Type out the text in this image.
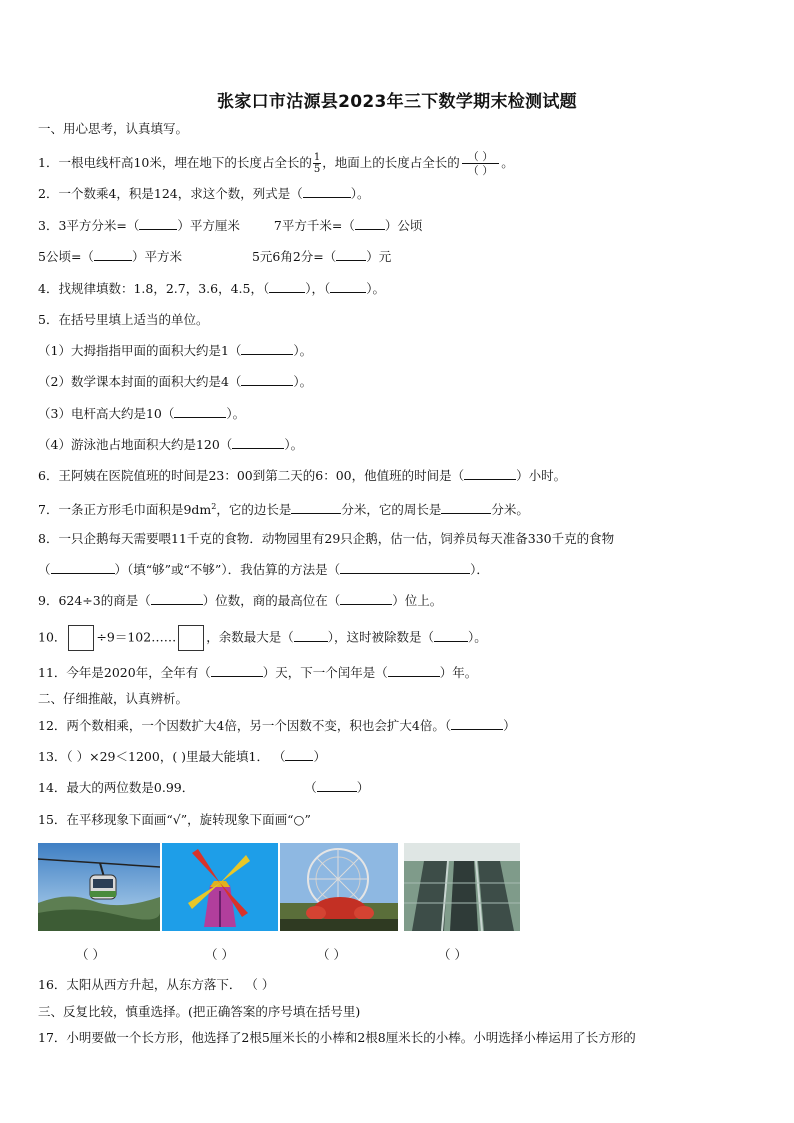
张家口市沽源县2023年三下数学期末检测试题
一、用心思考，认真填写。
1．一根电线杆高10米，埋在地下的长度占全长的 $\frac{1}{5}$ ，地面上的长度占全长的 $\frac{( )}{( )}$ 。
2．一个数乘4，积是124，求这个数，列式是（	）。
3．3平方分米=（	）平方厘米	7平方千米=（ ）公顷
5公顷=（	）平方米	5元6角2分=（ ）元
4．找规律填数：1.8，2.7，3.6，4.5，（	），（	）。
5．在括号里填上适当的单位。
（1）大拇指指甲面的面积大约是1（	）。
（2）数学课本封面的面积大约是4（	）。
（3）电杆高大约是10（	）。
（4）游泳池占地面积大约是120（	）。
6．王阿姨在医院值班的时间是23：00到第二天的6：00，他值班的时间是（	）小时。
7．一条正方形毛巾面积是$9dm^2$，它的边长是	分米，它的周长是	分米。
8．一只企鹅每天需要喂11千克的食物．动物园里有29只企鹅，估一估，饲养员每天准备330千克的食物
（	）（填“够”或“不够”）．我估算的方法是（	）．
9．624÷3的商是（	）位数，商的最高位在（	）位上。
10． ÷9＝102…… ，余数最大是（	），这时被除数是（	）。
11．今年是2020年，全年有（	）天，下一个闰年是（	）年。
二、仔细推敲，认真辨析。
12．两个数相乘，一个因数扩大4倍，另一个因数不变，积也会扩大4倍。（	）
13．（ ）×29＜1200，( )里最大能填1． （ ）
14．最大的两位数是0.99．	（	）
15．在平移现象下面画“√”，旋转现象下面画“○”
（ ）	（ ）	（ ）	（ ）
16．太阳从西方升起，从东方落下． （ ）
三、反复比较，慎重选择。(把正确答案的序号填在括号里)
17．小明要做一个长方形，他选择了2根5厘米长的小棒和2根8厘米长的小棒。小明选择小棒运用了长方形的
